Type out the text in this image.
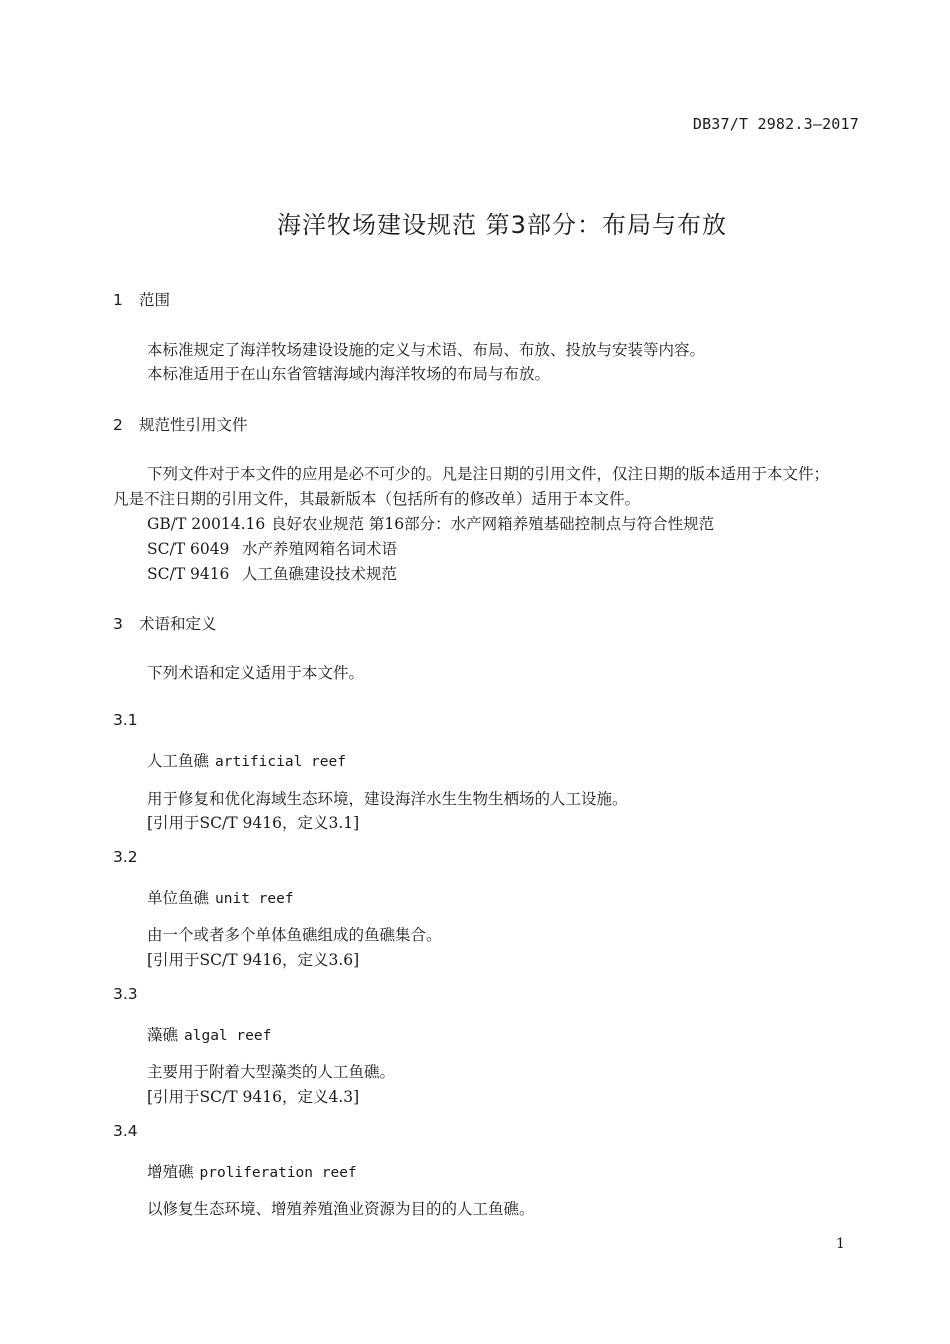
DB37/T 2982.3—2017
海洋牧场建设规范 第3部分：布局与布放
1 范围
本标准规定了海洋牧场建设设施的定义与术语、布局、布放、投放与安装等内容。
本标准适用于在山东省管辖海域内海洋牧场的布局与布放。
2 规范性引用文件
下列文件对于本文件的应用是必不可少的。凡是注日期的引用文件，仅注日期的版本适用于本文件；
凡是不注日期的引用文件，其最新版本（包括所有的修改单）适用于本文件。
GB/T 20014.16 良好农业规范 第16部分：水产网箱养殖基础控制点与符合性规范
SC/T 6049 水产养殖网箱名词术语
SC/T 9416 人工鱼礁建设技术规范
3 术语和定义
下列术语和定义适用于本文件。
3.1
人工鱼礁 artificial reef
用于修复和优化海域生态环境，建设海洋水生生物生栖场的人工设施。
[引用于SC/T 9416，定义3.1]
3.2
单位鱼礁 unit reef
由一个或者多个单体鱼礁组成的鱼礁集合。
[引用于SC/T 9416，定义3.6]
3.3
藻礁 algal reef
主要用于附着大型藻类的人工鱼礁。
[引用于SC/T 9416，定义4.3]
3.4
增殖礁 proliferation reef
以修复生态环境、增殖养殖渔业资源为目的的人工鱼礁。
1
